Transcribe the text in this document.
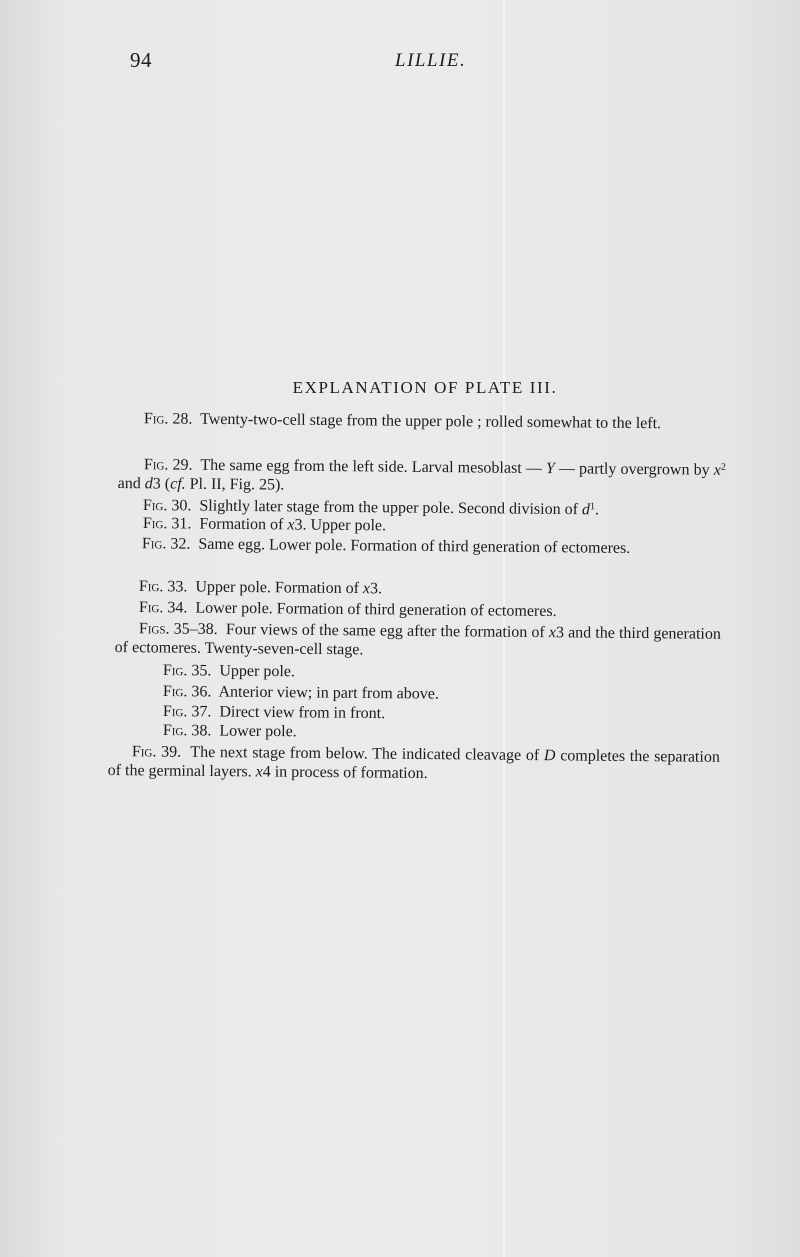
94	LILLIE.
EXPLANATION OF PLATE III.
Fig. 28. Twenty-two-cell stage from the upper pole ; rolled somewhat to the left.
Fig. 29. The same egg from the left side. Larval mesoblast — Y — partly overgrown by $x^2$ and d3 (cf. Pl. II, Fig. 25).
Fig. 30. Slightly later stage from the upper pole. Second division of $d^1$.
Fig. 31. Formation of x3. Upper pole.
Fig. 32. Same egg. Lower pole. Formation of third generation of ectomeres.
Fig. 33. Upper pole. Formation of x3.
Fig. 34. Lower pole. Formation of third generation of ectomeres.
Figs. 35–38. Four views of the same egg after the formation of x3 and the third generation of ectomeres. Twenty-seven-cell stage.
Fig. 35. Upper pole.
Fig. 36. Anterior view; in part from above.
Fig. 37. Direct view from in front.
Fig. 38. Lower pole.
Fig. 39. The next stage from below. The indicated cleavage of D completes the separation of the germinal layers. x4 in process of formation.
